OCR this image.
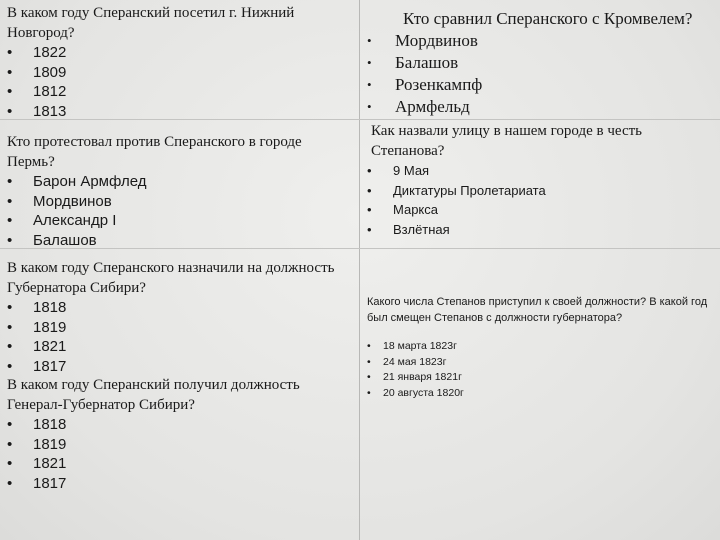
В каком году Сперанский посетил г. Нижний Новгород?

• 1822
• 1809
• 1812
• 1813

Кто протестовал против Сперанского в городе Пермь?

• Барон Армфлед
• Мордвинов
• Александр I
• Балашов

В каком году Сперанского назначили на должность Губернатора Сибири?

• 1818
• 1819
• 1821
• 1817

В каком году Сперанский получил должность Генерал-Губернатор Сибири?

• 1818
• 1819
• 1821
• 1817

Кто сравнил Сперанского с Кромвелем?

• Мордвинов
• Балашов
• Розенкампф
• Армфельд

Как назвали улицу в нашем городе в честь Степанова?

• 9 Мая
• Диктатуры Пролетариата
• Маркса
• Взлётная

Какого числа Степанов приступил к своей должности? В какой год был смещен Степанов с должности губернатора?

• 18 марта 1823г
• 24 мая 1823г
• 21 января 1821г
• 20 августа 1820г
